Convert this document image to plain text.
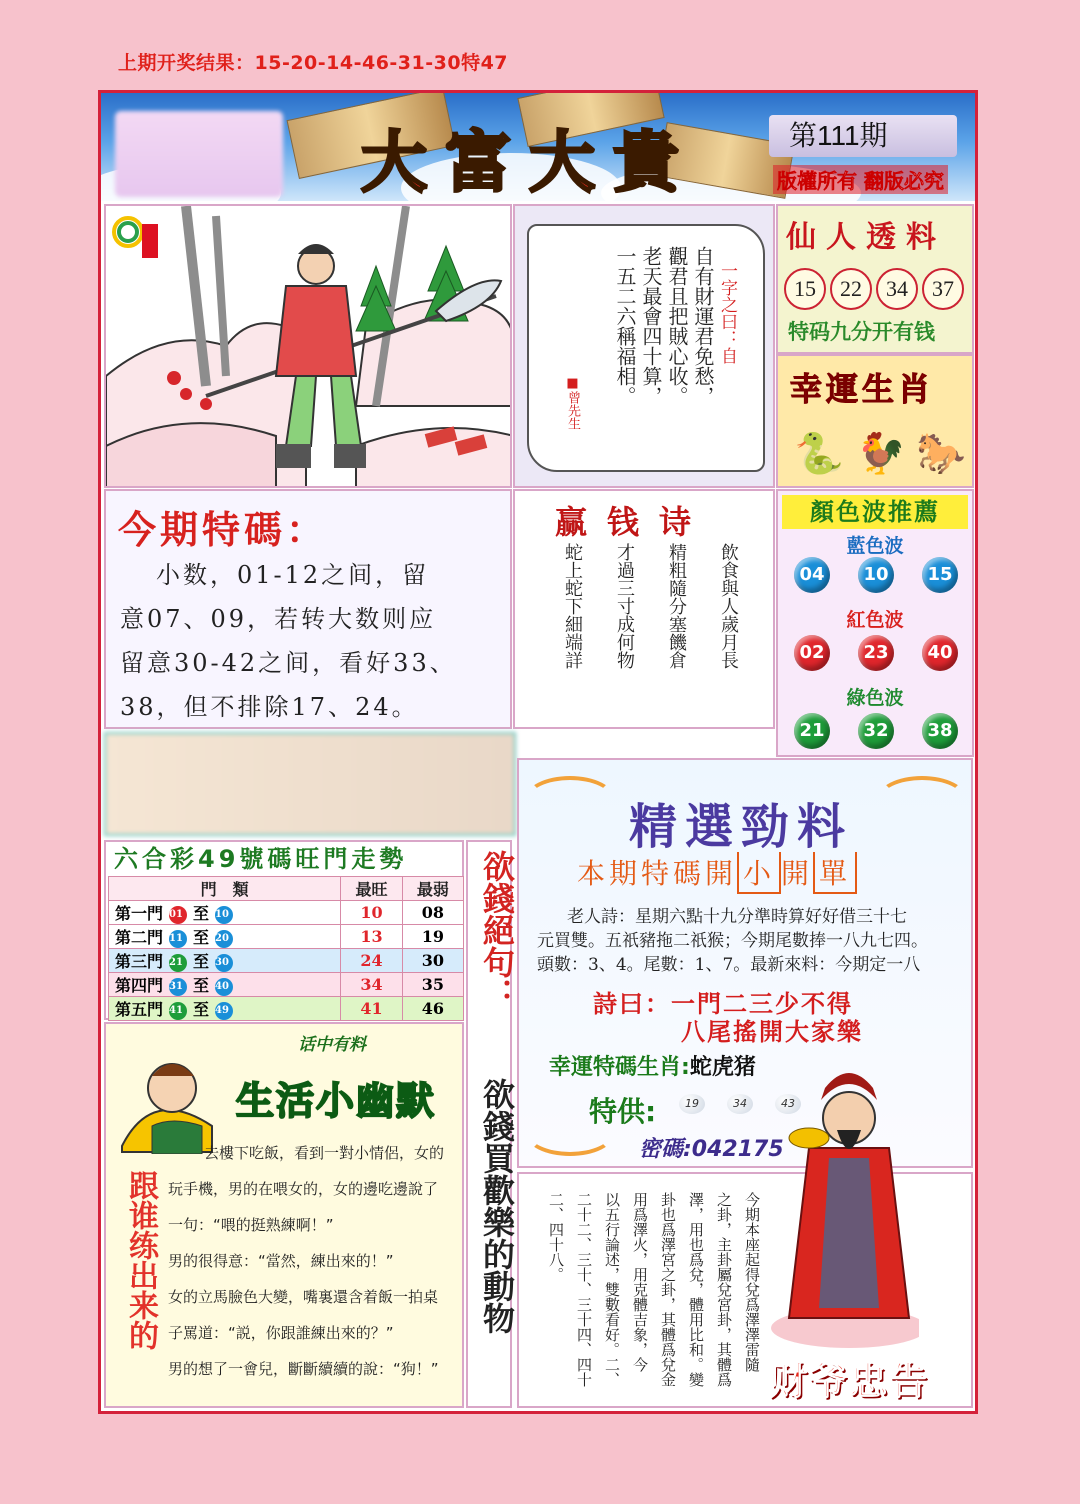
上期开奖结果：15-20-14-46-31-30特47
大富大貴	第111期
版權所有 翻版必究
自有財運君免愁，
觀君且把賊心收。
老天最會四十算，
一五二六稱福相。	一字之曰：自
■曾先生
仙人透料
15	22	34	37
特码九分开有钱
幸運生肖
🐍 🐓 🐎
今期特碼：
小数，01-12之间，留
意07、09，若转大数则应
留意30-42之间，看好33、
38，但不排除17、24。
赢钱诗
飲食與人歲月長
精粗隨分塞饑倉
才過三寸成何物
蛇上蛇下細端詳
顏色波推薦
藍色波
04	10	15
紅色波
02	23	40
綠色波
21	32	38
六合彩49號碼旺門走勢
門　類	最旺	最弱
第一門 01 至 10	10	08
第二門 11 至 20	13	19
第三門 21 至 30	24	30
第四門 31 至 40	34	35
第五門 41 至 49	41	46 欲錢絕句：
欲錢買歡樂的動物
话中有料
生活小幽默
跟谁练出来的
去樓下吃飯，看到一對小情侶，女的
玩手機，男的在喂女的，女的邊吃邊說了
一句：“喂的挺熟練啊！”
男的很得意：“當然，練出來的！”
女的立馬臉色大變，嘴裏還含着飯一拍桌
子罵道：“説，你跟誰練出來的？”
男的想了一會兒，斷斷續續的說：“狗！”
精選勁料
本期特碼開 小 開 單
老人詩：星期六點十九分準時算好好借三十七
元買雙。五祇豬拖二祇猴；今期尾數捧一八九七四。
頭數：3、4。尾數：1、7。最新來料：今期定一八
詩曰：一門二三少不得
八尾搖開大家樂
幸運特碼生肖:蛇虎猪
特供:	19	34	43
密碼:042175
今期本座起得兌爲澤澤雷隨
之卦，主卦屬兌宮卦，其體爲
澤，用也爲兌，體用比和。變
卦也爲澤宮之卦，其體爲兌金
用爲澤火，用克體吉象，今
以五行論述，雙數看好。二、
二十二、三十、三十四、四十
二、四十八。
财爷忠告
